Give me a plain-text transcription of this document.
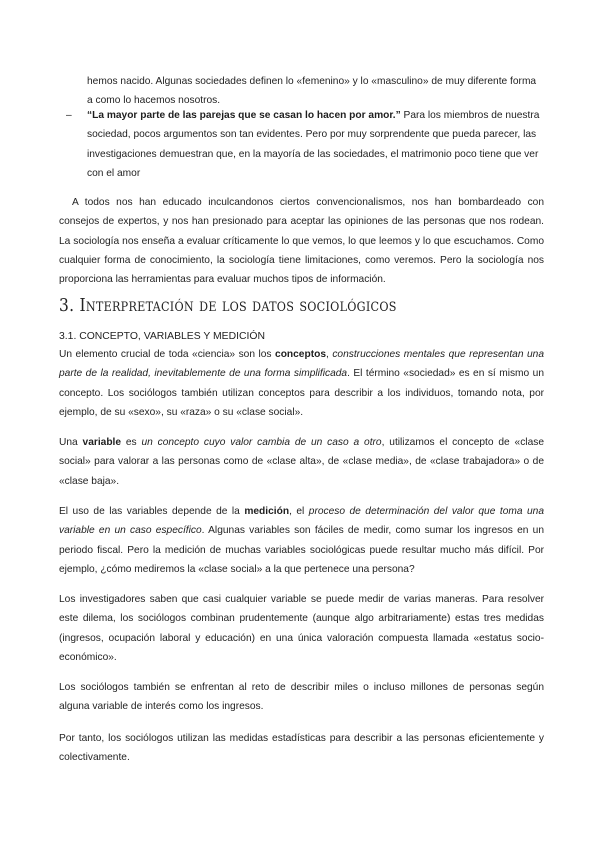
hemos nacido. Algunas sociedades definen lo «femenino» y lo «masculino» de muy diferente forma a como lo hacemos nosotros.

– “La mayor parte de las parejas que se casan lo hacen por amor.” Para los miembros de nuestra sociedad, pocos argumentos son tan evidentes. Pero por muy sorprendente que pueda parecer, las investigaciones demuestran que, en la mayoría de las sociedades, el matrimonio poco tiene que ver con el amor

A todos nos han educado inculcandonos ciertos convencionalismos, nos han bombardeado con consejos de expertos, y nos han presionado para aceptar las opiniones de las personas que nos rodean. La sociología nos enseña a evaluar críticamente lo que vemos, lo que leemos y lo que escuchamos. Como cualquier forma de conocimiento, la sociología tiene limitaciones, como veremos. Pero la sociología nos proporciona las herramientas para evaluar muchos tipos de información.

3. Interpretación de los datos sociológicos
3.1. CONCEPTO, VARIABLES Y MEDICIÓN

Un elemento crucial de toda «ciencia» son los conceptos, construcciones mentales que representan una parte de la realidad, inevitablemente de una forma simplificada. El término «sociedad» es en sí mismo un concepto. Los sociólogos también utilizan conceptos para describir a los individuos, tomando nota, por ejemplo, de su «sexo», su «raza» o su «clase social».

Una variable es un concepto cuyo valor cambia de un caso a otro, utilizamos el concepto de «clase social» para valorar a las personas como de «clase alta», de «clase media», de «clase trabajadora» o de «clase baja».

El uso de las variables depende de la medición, el proceso de determinación del valor que toma una variable en un caso específico. Algunas variables son fáciles de medir, como sumar los ingresos en un periodo fiscal. Pero la medición de muchas variables sociológicas puede resultar mucho más difícil. Por ejemplo, ¿cómo mediremos la «clase social» a la que pertenece una persona?

Los investigadores saben que casi cualquier variable se puede medir de varias maneras. Para resolver este dilema, los sociólogos combinan prudentemente (aunque algo arbitrariamente) estas tres medidas (ingresos, ocupación laboral y educación) en una única valoración compuesta llamada «estatus socio-económico».

Los sociólogos también se enfrentan al reto de describir miles o incluso millones de personas según alguna variable de interés como los ingresos.

Por tanto, los sociólogos utilizan las medidas estadísticas para describir a las personas eficientemente y colectivamente.
